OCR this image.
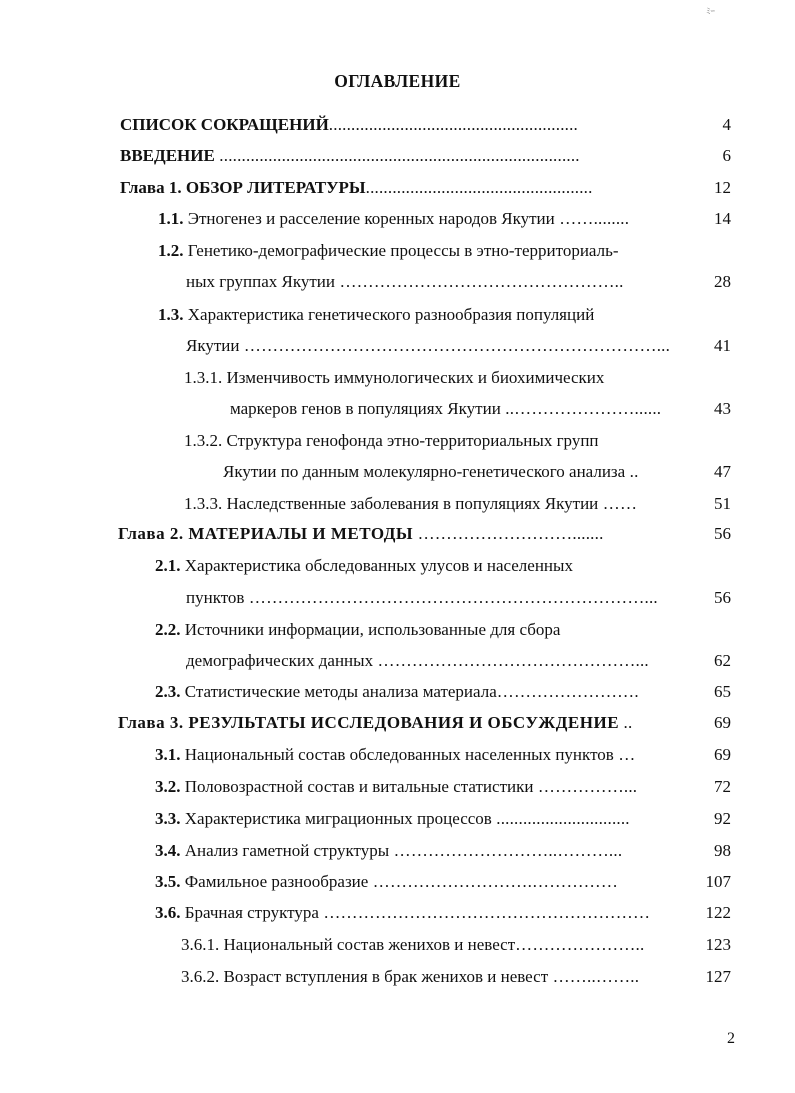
ﾐｰ
ОГЛАВЛЕНИЕ
СПИСОК СОКРАЩЕНИЙ........................................................	4
ВВЕДЕНИЕ .................................................................................	6
Глава 1. ОБЗОР ЛИТЕРАТУРЫ...................................................	12
1.1. Этногенез и расселение коренных народов Якутии ……........	14
1.2. Генетико-демографические процессы в этно-территориаль-
ных группах Якутии …………………………………………..	28
1.3. Характеристика генетического разнообразия популяций
Якутии ………………………………………………………………...	41
1.3.1. Изменчивость иммунологических и биохимических
маркеров генов в популяциях Якутии ..…………………......	43
1.3.2. Структура генофонда этно-территориальных групп
Якутии по данным молекулярно-генетического анализа ..	47
1.3.3. Наследственные заболевания в популяциях Якутии ……	51
Глава 2. МАТЕРИАЛЫ И МЕТОДЫ ……………………….......	56
2.1. Характеристика обследованных улусов и населенных
пунктов ……………………………………………………………...	56
2.2. Источники информации, использованные для сбора
демографических данных ………………………………………...	62
2.3. Статистические методы анализа материала…………………….	65
Глава 3. РЕЗУЛЬТАТЫ ИССЛЕДОВАНИЯ И ОБСУЖДЕНИЕ ..	69
3.1. Национальный состав обследованных населенных пунктов …	69
3.2. Половозрастной состав и витальные статистики ……………...	72
3.3. Характеристика миграционных процессов ..............................	92
3.4. Анализ гаметной структуры ………………………..………...	98
3.5. Фамильное разнообразие ……………………….……………	107
3.6. Брачная структура …………………………………………………	122
3.6.1. Национальный состав женихов и невест…………………..	123
3.6.2. Возраст вступления в брак женихов и невест ……..……..	127
2
